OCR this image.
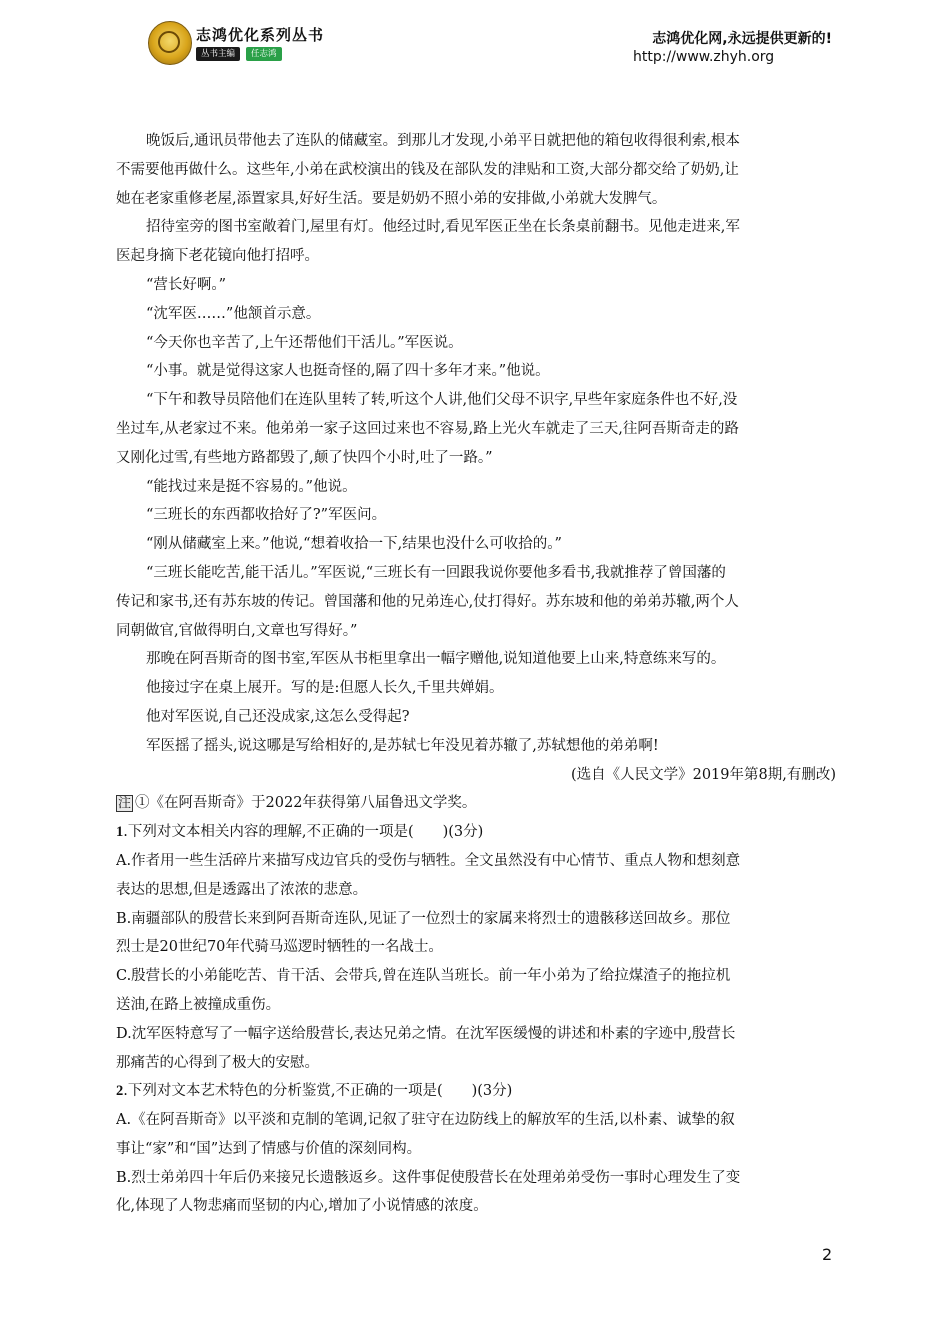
志鸿优化系列丛书
丛书主编	任志鸿
志鸿优化网,永远提供更新的!
http://www.zhyh.org
晚饭后,通讯员带他去了连队的储藏室。到那儿才发现,小弟平日就把他的箱包收得很利索,根本
不需要他再做什么。这些年,小弟在武校演出的钱及在部队发的津贴和工资,大部分都交给了奶奶,让
她在老家重修老屋,添置家具,好好生活。要是奶奶不照小弟的安排做,小弟就大发脾气。
招待室旁的图书室敞着门,屋里有灯。他经过时,看见军医正坐在长条桌前翻书。见他走进来,军
医起身摘下老花镜向他打招呼。
“营长好啊。”
“沈军医……”他颔首示意。
“今天你也辛苦了,上午还帮他们干活儿。”军医说。
“小事。就是觉得这家人也挺奇怪的,隔了四十多年才来。”他说。
“下午和教导员陪他们在连队里转了转,听这个人讲,他们父母不识字,早些年家庭条件也不好,没
坐过车,从老家过不来。他弟弟一家子这回过来也不容易,路上光火车就走了三天,往阿吾斯奇走的路
又刚化过雪,有些地方路都毁了,颠了快四个小时,吐了一路。”
“能找过来是挺不容易的。”他说。
“三班长的东西都收拾好了?”军医问。
“刚从储藏室上来。”他说,“想着收拾一下,结果也没什么可收拾的。”
“三班长能吃苦,能干活儿。”军医说,“三班长有一回跟我说你要他多看书,我就推荐了曾国藩的
传记和家书,还有苏东坡的传记。曾国藩和他的兄弟连心,仗打得好。苏东坡和他的弟弟苏辙,两个人
同朝做官,官做得明白,文章也写得好。”
那晚在阿吾斯奇的图书室,军医从书柜里拿出一幅字赠他,说知道他要上山来,特意练来写的。
他接过字在桌上展开。写的是:但愿人长久,千里共婵娟。
他对军医说,自己还没成家,这怎么受得起?
军医摇了摇头,说这哪是写给相好的,是苏轼七年没见着苏辙了,苏轼想他的弟弟啊!
(选自《人民文学》2019年第8期,有删改)
注 ①《在阿吾斯奇》于2022年获得第八届鲁迅文学奖。
1.下列对文本相关内容的理解,不正确的一项是(　　)(3分)
A.作者用一些生活碎片来描写戍边官兵的受伤与牺牲。全文虽然没有中心情节、重点人物和想刻意
表达的思想,但是透露出了浓浓的悲意。
B.南疆部队的殷营长来到阿吾斯奇连队,见证了一位烈士的家属来将烈士的遗骸移送回故乡。那位
烈士是20世纪70年代骑马巡逻时牺牲的一名战士。
C.殷营长的小弟能吃苦、肯干活、会带兵,曾在连队当班长。前一年小弟为了给拉煤渣子的拖拉机
送油,在路上被撞成重伤。
D.沈军医特意写了一幅字送给殷营长,表达兄弟之情。在沈军医缓慢的讲述和朴素的字迹中,殷营长
那痛苦的心得到了极大的安慰。
2.下列对文本艺术特色的分析鉴赏,不正确的一项是(　　)(3分)
A.《在阿吾斯奇》以平淡和克制的笔调,记叙了驻守在边防线上的解放军的生活,以朴素、诚挚的叙
事让“家”和“国”达到了情感与价值的深刻同构。
B.烈士弟弟四十年后仍来接兄长遗骸返乡。这件事促使殷营长在处理弟弟受伤一事时心理发生了变
化,体现了人物悲痛而坚韧的内心,增加了小说情感的浓度。
2
